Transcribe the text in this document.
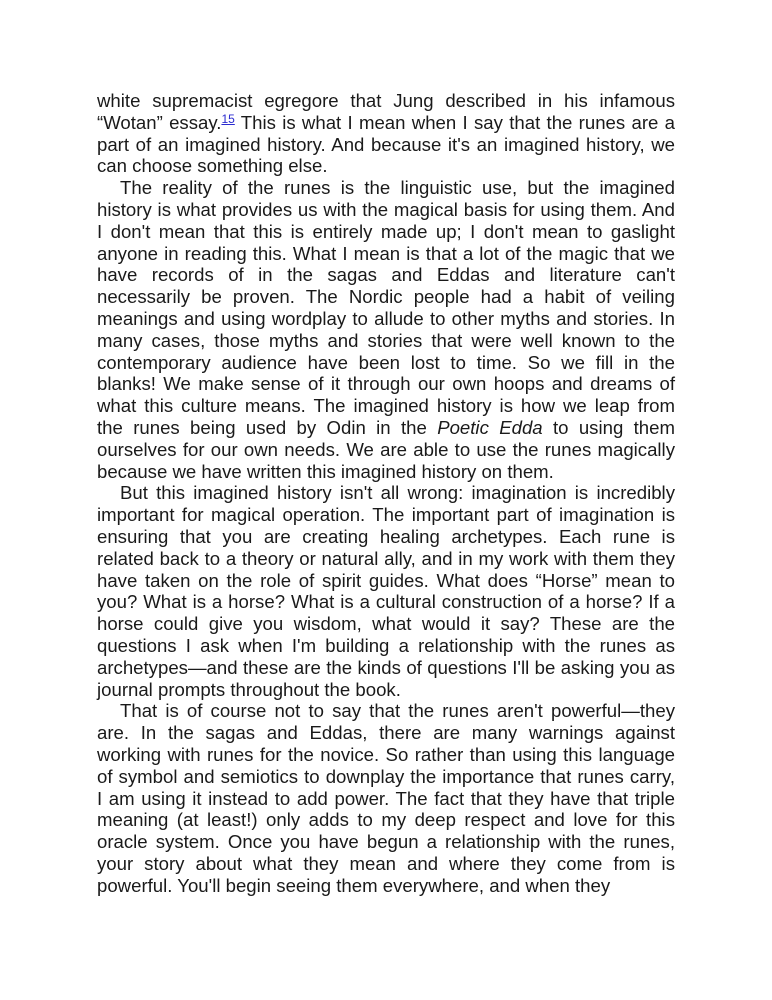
white supremacist egregore that Jung described in his infamous “Wotan” essay.$^{15}$ This is what I mean when I say that the runes are a part of an imagined history. And because it's an imagined history, we can choose something else.

The reality of the runes is the linguistic use, but the imagined history is what provides us with the magical basis for using them. And I don't mean that this is entirely made up; I don't mean to gaslight anyone in reading this. What I mean is that a lot of the magic that we have records of in the sagas and Eddas and literature can't necessarily be proven. The Nordic people had a habit of veiling meanings and using wordplay to allude to other myths and stories. In many cases, those myths and stories that were well known to the contemporary audience have been lost to time. So we fill in the blanks! We make sense of it through our own hoops and dreams of what this culture means. The imagined history is how we leap from the runes being used by Odin in the Poetic Edda to using them ourselves for our own needs. We are able to use the runes magically because we have written this imagined history on them.

But this imagined history isn't all wrong: imagination is incredibly important for magical operation. The important part of imagination is ensuring that you are creating healing archetypes. Each rune is related back to a theory or natural ally, and in my work with them they have taken on the role of spirit guides. What does “Horse” mean to you? What is a horse? What is a cultural construction of a horse? If a horse could give you wisdom, what would it say? These are the questions I ask when I'm building a relationship with the runes as archetypes—and these are the kinds of questions I'll be asking you as journal prompts throughout the book.

That is of course not to say that the runes aren't powerful—they are. In the sagas and Eddas, there are many warnings against working with runes for the novice. So rather than using this language of symbol and semiotics to downplay the importance that runes carry, I am using it instead to add power. The fact that they have that triple meaning (at least!) only adds to my deep respect and love for this oracle system. Once you have begun a relationship with the runes, your story about what they mean and where they come from is powerful. You'll begin seeing them everywhere, and when they
